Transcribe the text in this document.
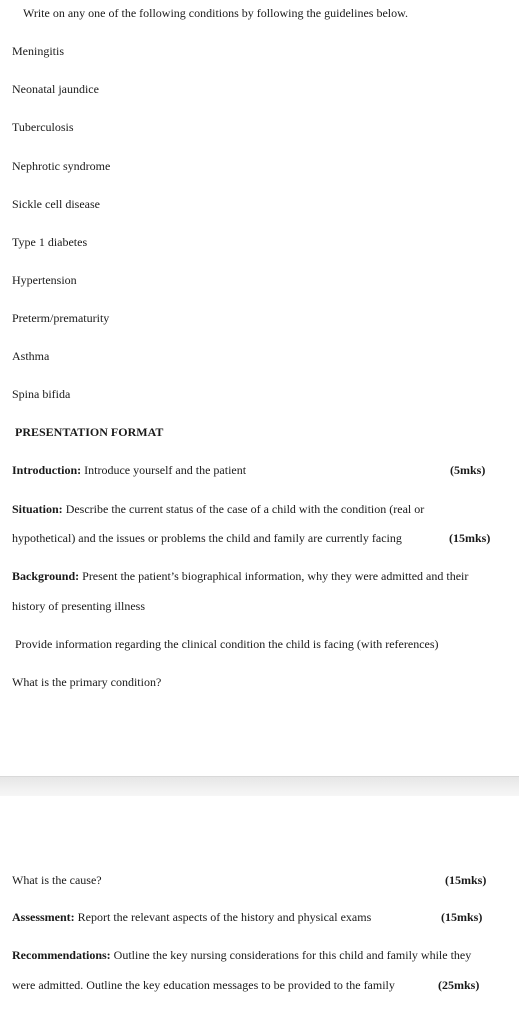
Write on any one of the following conditions by following the guidelines below.
Meningitis
Neonatal jaundice
Tuberculosis
Nephrotic syndrome
Sickle cell disease
Type 1 diabetes
Hypertension
Preterm/prematurity
Asthma
Spina bifida
PRESENTATION FORMAT
Introduction: Introduce yourself and the patient	(5mks)
Situation: Describe the current status of the case of a child with the condition (real or
hypothetical) and the issues or problems the child and family are currently facing	(15mks)
Background: Present the patient’s biographical information, why they were admitted and their
history of presenting illness
Provide information regarding the clinical condition the child is facing (with references)
What is the primary condition?
What is the cause?	(15mks)
Assessment: Report the relevant aspects of the history and physical exams	(15mks)
Recommendations: Outline the key nursing considerations for this child and family while they
were admitted. Outline the key education messages to be provided to the family	(25mks)
